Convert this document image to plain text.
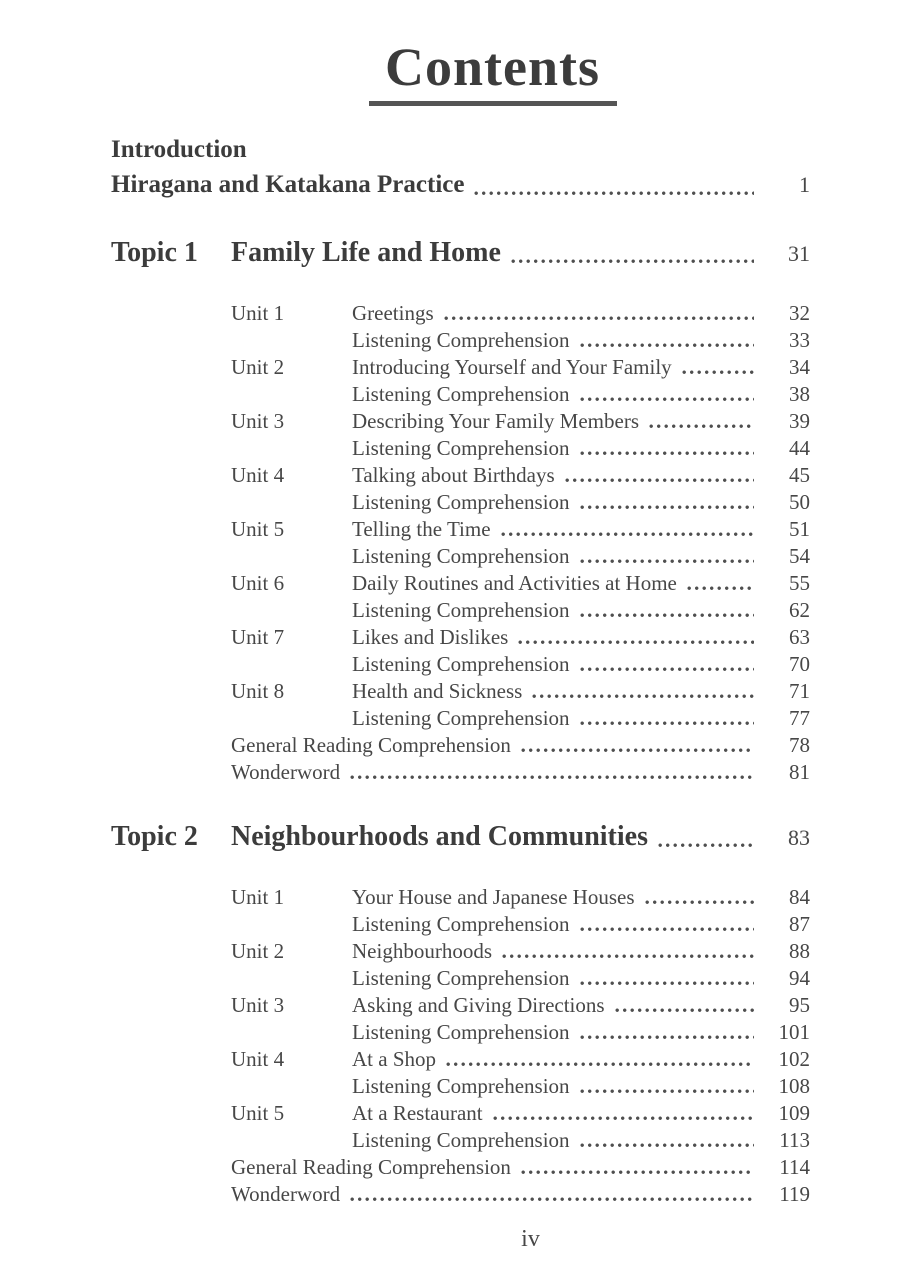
Contents
Introduction
Hiragana and Katakana Practice	1
Topic 1	Family Life and Home	31
Unit 1	Greetings	32
Listening Comprehension	33
Unit 2	Introducing Yourself and Your Family	34
Listening Comprehension	38
Unit 3	Describing Your Family Members	39
Listening Comprehension	44
Unit 4	Talking about Birthdays	45
Listening Comprehension	50
Unit 5	Telling the Time	51
Listening Comprehension	54
Unit 6	Daily Routines and Activities at Home	55
Listening Comprehension	62
Unit 7	Likes and Dislikes	63
Listening Comprehension	70
Unit 8	Health and Sickness	71
Listening Comprehension	77
General Reading Comprehension	78
Wonderword	81
Topic 2	Neighbourhoods and Communities	83
Unit 1	Your House and Japanese Houses	84
Listening Comprehension	87
Unit 2	Neighbourhoods	88
Listening Comprehension	94
Unit 3	Asking and Giving Directions	95
Listening Comprehension	101
Unit 4	At a Shop	102
Listening Comprehension	108
Unit 5	At a Restaurant	109
Listening Comprehension	113
General Reading Comprehension	114
Wonderword	119
iv
